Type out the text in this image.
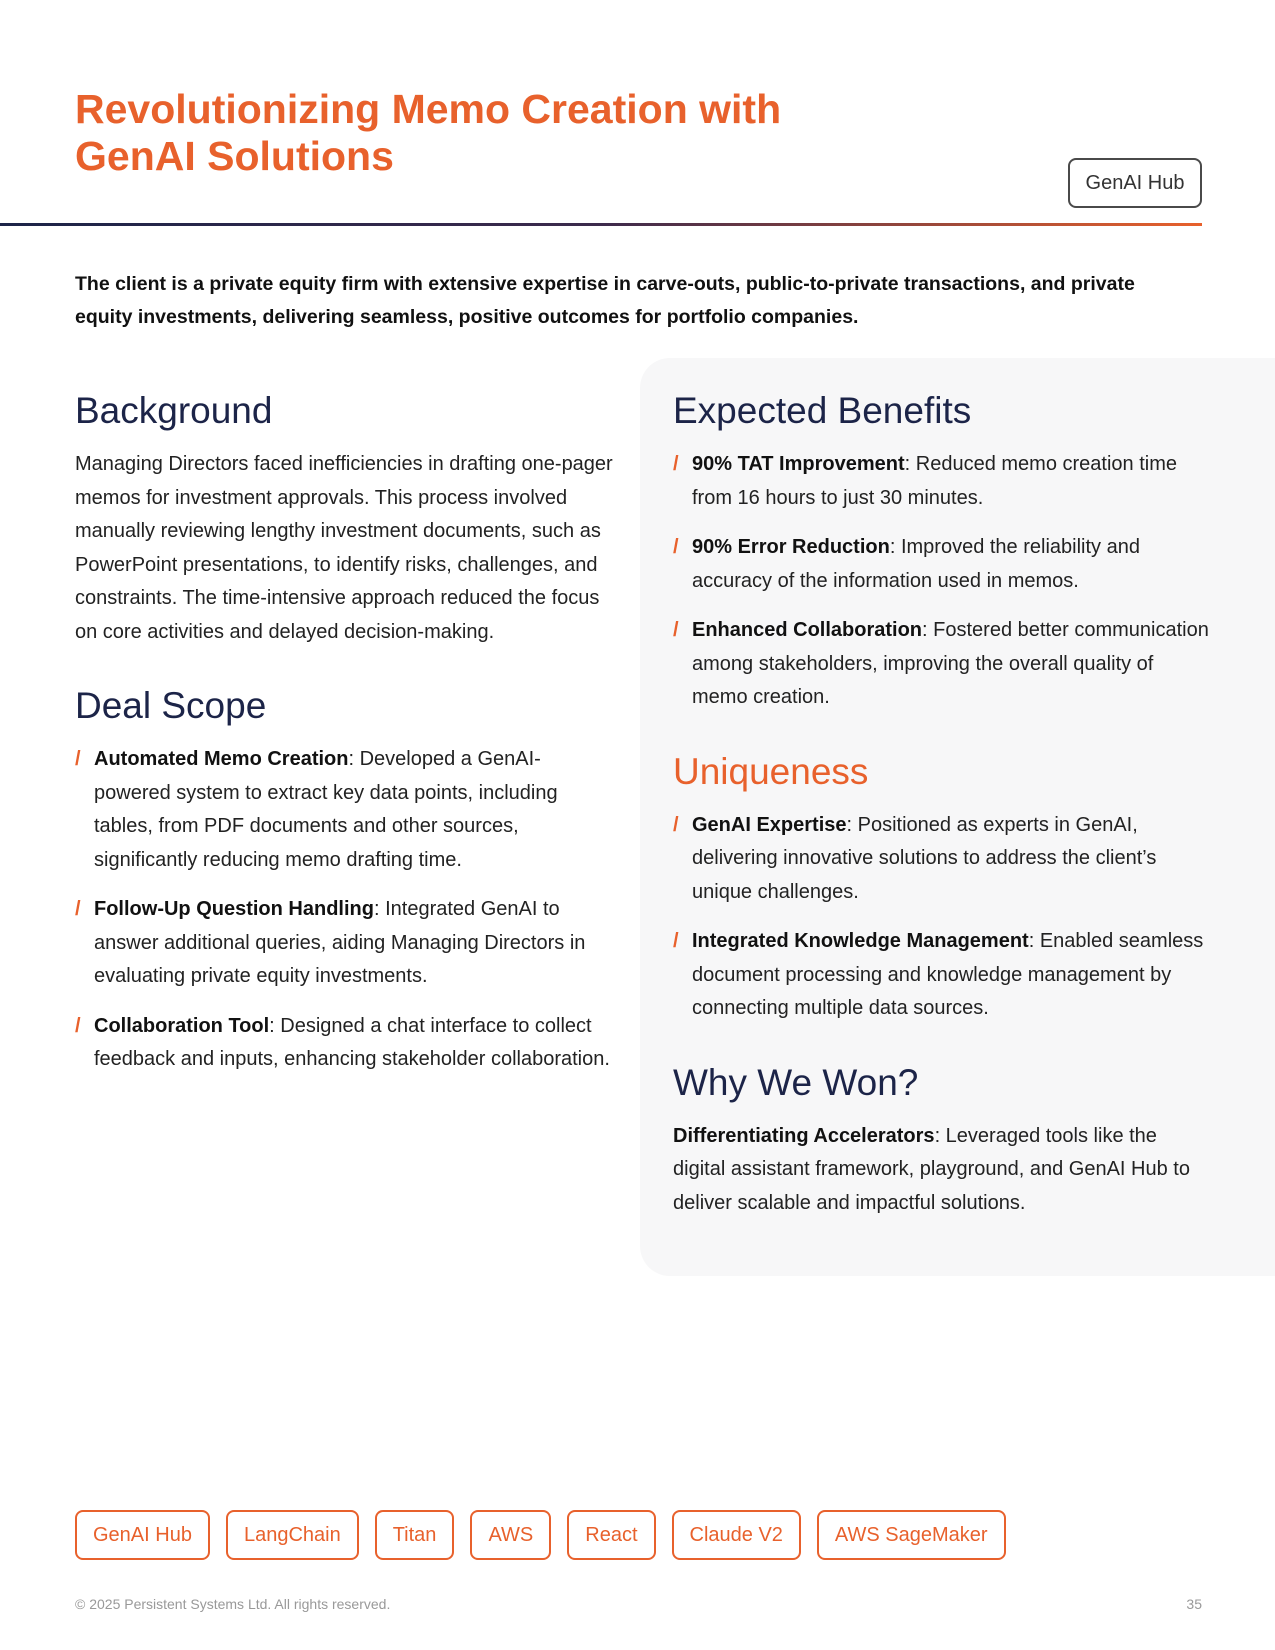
Revolutionizing Memo Creation with GenAI Solutions
GenAI Hub

The client is a private equity firm with extensive expertise in carve-outs, public-to-private transactions, and private equity investments, delivering seamless, positive outcomes for portfolio companies.

Background

Managing Directors faced inefficiencies in drafting one-pager memos for investment approvals. This process involved manually reviewing lengthy investment documents, such as PowerPoint presentations, to identify risks, challenges, and constraints. The time-intensive approach reduced the focus on core activities and delayed decision-making.

Deal Scope
/ Automated Memo Creation: Developed a GenAI-powered system to extract key data points, including tables, from PDF documents and other sources, significantly reducing memo drafting time.
/ Follow-Up Question Handling: Integrated GenAI to answer additional queries, aiding Managing Directors in evaluating private equity investments.
/ Collaboration Tool: Designed a chat interface to collect feedback and inputs, enhancing stakeholder collaboration.
Expected Benefits
/ 90% TAT Improvement: Reduced memo creation time from 16 hours to just 30 minutes.
/ 90% Error Reduction: Improved the reliability and accuracy of the information used in memos.
/ Enhanced Collaboration: Fostered better communication among stakeholders, improving the overall quality of memo creation.
Uniqueness
/ GenAI Expertise: Positioned as experts in GenAI, delivering innovative solutions to address the client’s unique challenges.
/ Integrated Knowledge Management: Enabled seamless document processing and knowledge management by connecting multiple data sources.
Why We Won?

Differentiating Accelerators: Leveraged tools like the digital assistant framework, playground, and GenAI Hub to deliver scalable and impactful solutions.

GenAI Hub	LangChain	Titan	AWS	React	Claude V2	AWS SageMaker
© 2025 Persistent Systems Ltd. All rights reserved.	35
